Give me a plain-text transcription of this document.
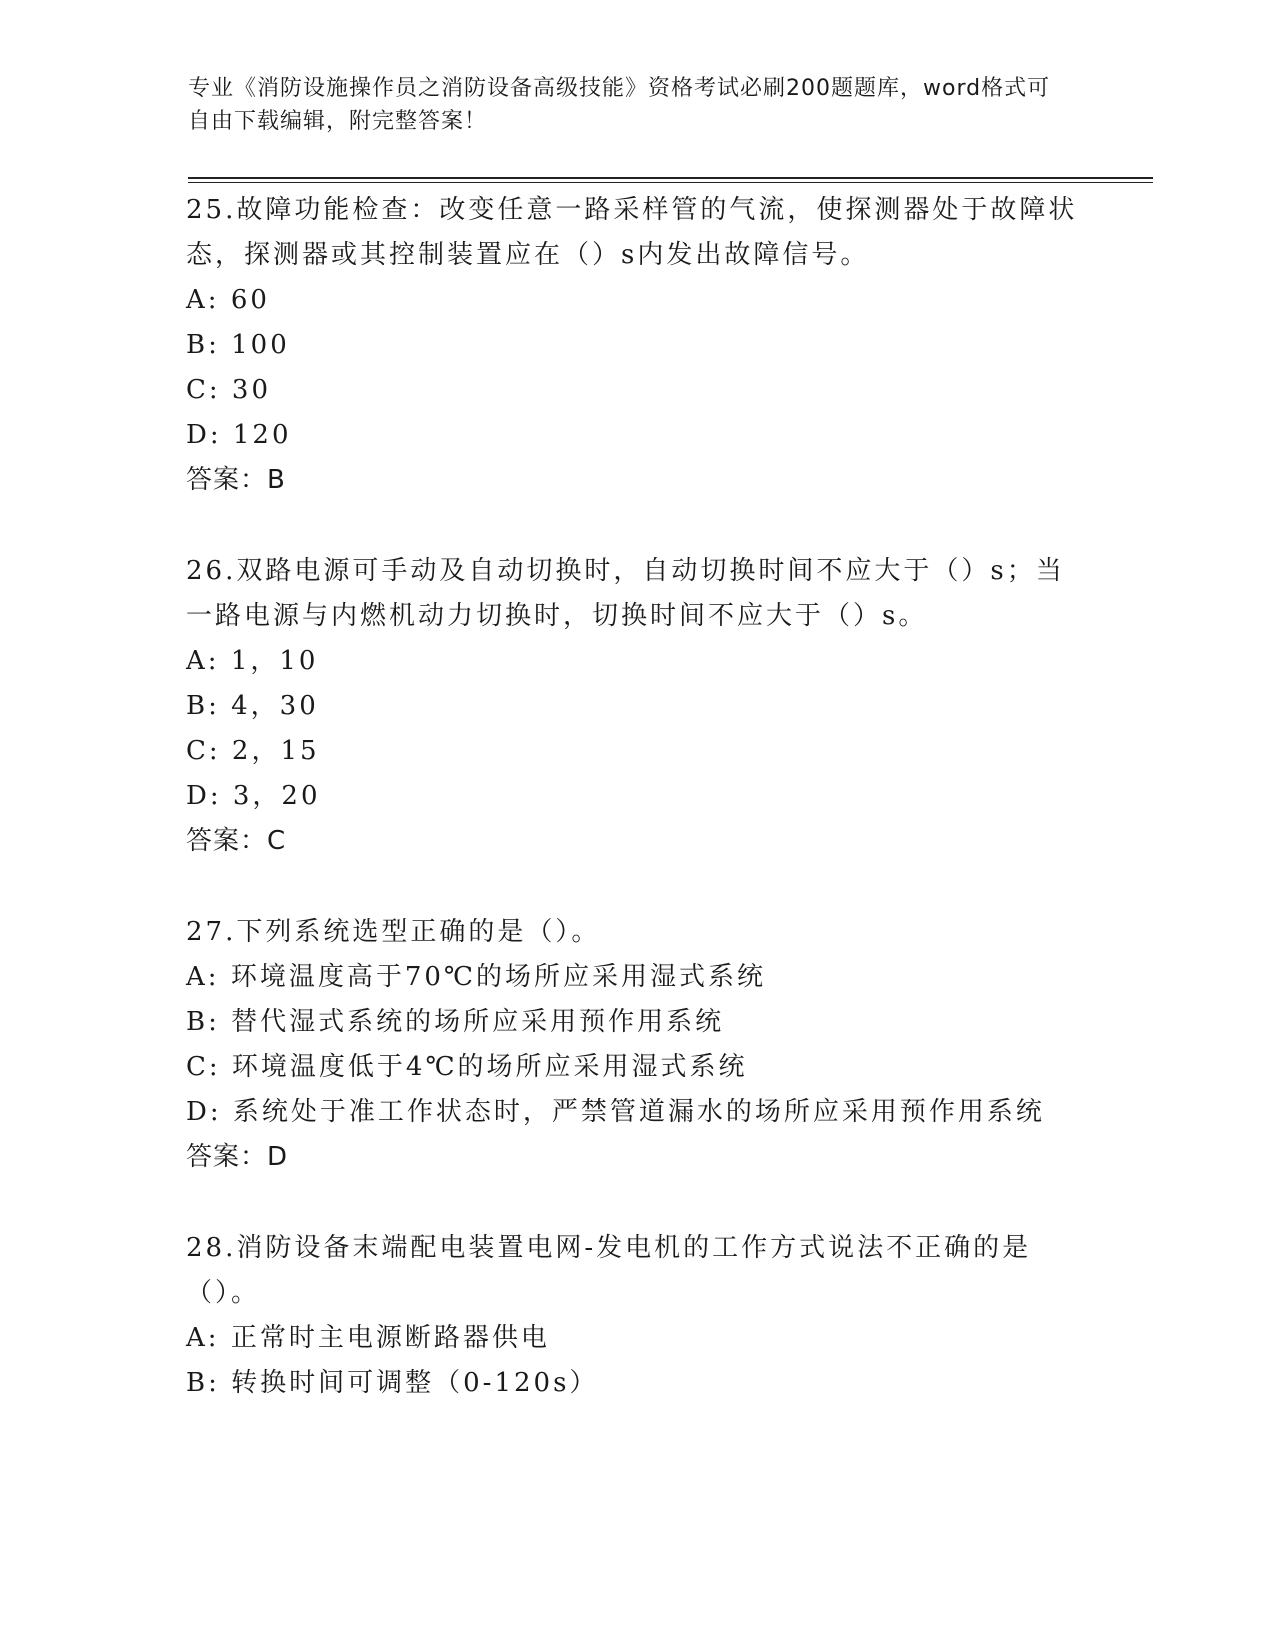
专业《消防设施操作员之消防设备高级技能》资格考试必刷200题题库，word格式可自由下载编辑，附完整答案！

25.故障功能检查：改变任意一路采样管的气流，使探测器处于故障状态，探测器或其控制装置应在（）s内发出故障信号。

A: 60

B: 100

C: 30

D: 120

答案：B

26.双路电源可手动及自动切换时，自动切换时间不应大于（）s；当一路电源与内燃机动力切换时，切换时间不应大于（）s。

A: 1，10

B: 4，30

C: 2，15

D: 3，20

答案：C

27.下列系统选型正确的是（）。

A: 环境温度高于70℃的场所应采用湿式系统

B: 替代湿式系统的场所应采用预作用系统

C: 环境温度低于4℃的场所应采用湿式系统

D: 系统处于准工作状态时，严禁管道漏水的场所应采用预作用系统

答案：D

28.消防设备末端配电装置电网-发电机的工作方式说法不正确的是（）。

A: 正常时主电源断路器供电

B: 转换时间可调整（0-120s）
